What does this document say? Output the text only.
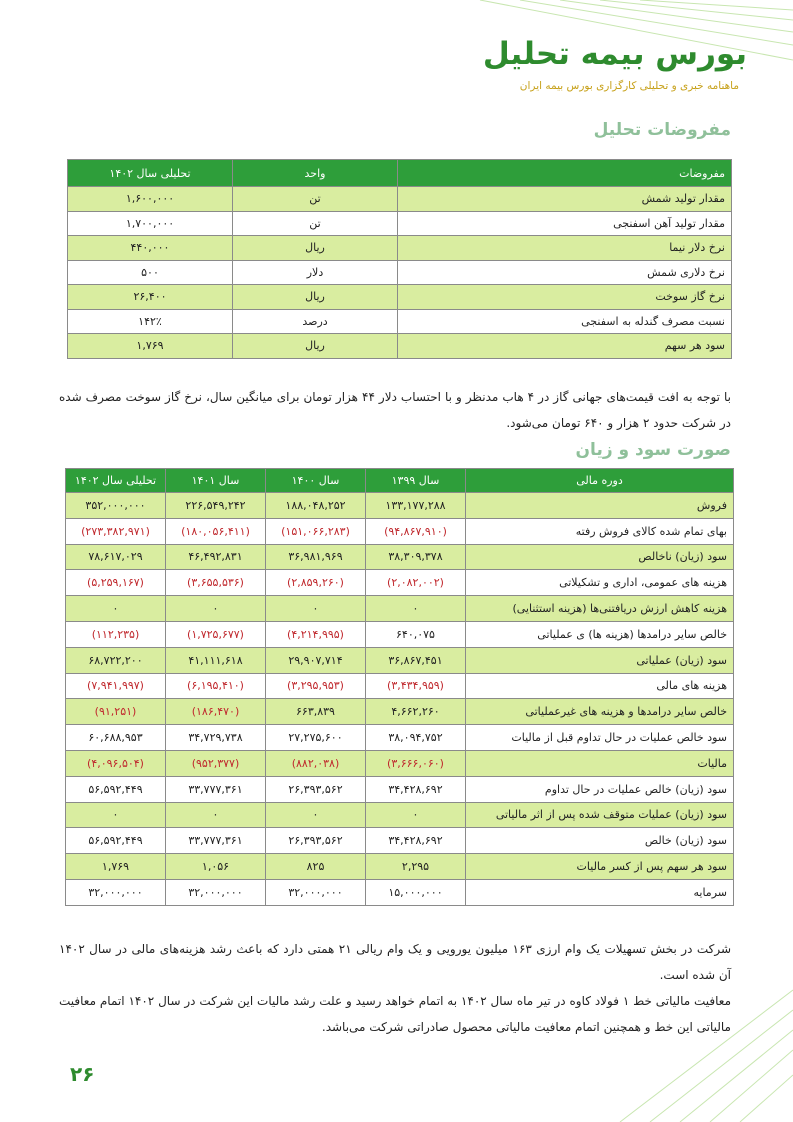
بورس بیمه تحلیل
ماهنامه خبری و تحلیلی کارگزاری بورس بیمه ایران
مفروضات تحلیل
مفروضات	واحد	تحلیلی سال ۱۴۰۲
مقدار تولید شمش	تن	۱,۶۰۰,۰۰۰
مقدار تولید آهن اسفنجی	تن	۱,۷۰۰,۰۰۰
نرخ دلار نیما	ریال	۴۴۰,۰۰۰
نرخ دلاری شمش	دلار	۵۰۰
نرخ گاز سوخت	ریال	۲۶,۴۰۰
نسبت مصرف گندله به اسفنجی	درصد	۱۴۲٪
سود هر سهم	ریال	۱,۷۶۹

با توجه به افت قیمت‌های جهانی گاز در ۴ هاب مدنظر و با احتساب دلار ۴۴ هزار تومان برای میانگین سال، نرخ گاز سوخت مصرف شده در شرکت حدود ۲ هزار و ۶۴۰ تومان می‌شود.

صورت سود و زیان
دوره مالی	سال ۱۳۹۹	سال ۱۴۰۰	سال ۱۴۰۱	تحلیلی سال ۱۴۰۲
فروش	۱۳۳,۱۷۷,۲۸۸	۱۸۸,۰۴۸,۲۵۲	۲۲۶,۵۴۹,۲۴۲	۳۵۲,۰۰۰,۰۰۰
بهای تمام شده کالای فروش رفته	(۹۴,۸۶۷,۹۱۰)	(۱۵۱,۰۶۶,۲۸۳)	(۱۸۰,۰۵۶,۴۱۱)	(۲۷۳,۳۸۲,۹۷۱)
سود (زیان) ناخالص	۳۸,۳۰۹,۳۷۸	۳۶,۹۸۱,۹۶۹	۴۶,۴۹۲,۸۳۱	۷۸,۶۱۷,۰۲۹
هزینه های عمومی، اداری و تشکیلاتی	(۲,۰۸۲,۰۰۲)	(۲,۸۵۹,۲۶۰)	(۳,۶۵۵,۵۳۶)	(۵,۲۵۹,۱۶۷)
هزینه کاهش ارزش دریافتنی‌ها (هزینه استثنایی)	۰	۰	۰	۰
خالص سایر درامدها (هزینه ها) ی عملیاتی	۶۴۰,۰۷۵	(۴,۲۱۴,۹۹۵)	(۱,۷۲۵,۶۷۷)	(۱۱۲,۲۳۵)
سود (زیان) عملیاتی	۳۶,۸۶۷,۴۵۱	۲۹,۹۰۷,۷۱۴	۴۱,۱۱۱,۶۱۸	۶۸,۷۲۲,۲۰۰
هزینه های مالی	(۳,۴۳۴,۹۵۹)	(۳,۲۹۵,۹۵۳)	(۶,۱۹۵,۴۱۰)	(۷,۹۴۱,۹۹۷)
خالص سایر درامدها و هزینه های غیرعملیاتی	۴,۶۶۲,۲۶۰	۶۶۳,۸۳۹	(۱۸۶,۴۷۰)	(۹۱,۲۵۱)
سود خالص عملیات در حال تداوم قبل از مالیات	۳۸,۰۹۴,۷۵۲	۲۷,۲۷۵,۶۰۰	۳۴,۷۲۹,۷۳۸	۶۰,۶۸۸,۹۵۳
مالیات	(۳,۶۶۶,۰۶۰)	(۸۸۲,۰۳۸)	(۹۵۲,۳۷۷)	(۴,۰۹۶,۵۰۴)
سود (زیان) خالص عملیات در حال تداوم	۳۴,۴۲۸,۶۹۲	۲۶,۳۹۳,۵۶۲	۳۳,۷۷۷,۳۶۱	۵۶,۵۹۲,۴۴۹
سود (زیان) عملیات متوقف شده پس از اثر مالیاتی	۰	۰	۰	۰
سود (زیان) خالص	۳۴,۴۲۸,۶۹۲	۲۶,۳۹۳,۵۶۲	۳۳,۷۷۷,۳۶۱	۵۶,۵۹۲,۴۴۹
سود هر سهم پس از کسر مالیات	۲,۲۹۵	۸۲۵	۱,۰۵۶	۱,۷۶۹
سرمایه	۱۵,۰۰۰,۰۰۰	۳۲,۰۰۰,۰۰۰	۳۲,۰۰۰,۰۰۰	۳۲,۰۰۰,۰۰۰

شرکت در بخش تسهیلات یک وام ارزی ۱۶۳ میلیون یورویی و یک وام ریالی ۲۱ همتی دارد که باعث رشد هزینه‌های مالی در سال ۱۴۰۲ آن شده است.

معافیت مالیاتی خط ۱ فولاد کاوه در تیر ماه سال ۱۴۰۲ به اتمام خواهد رسید و علت رشد مالیات این شرکت در سال ۱۴۰۲ اتمام معافیت مالیاتی این خط و همچنین اتمام معافیت مالیاتی محصول صادراتی شرکت می‌باشد.

۲۶
